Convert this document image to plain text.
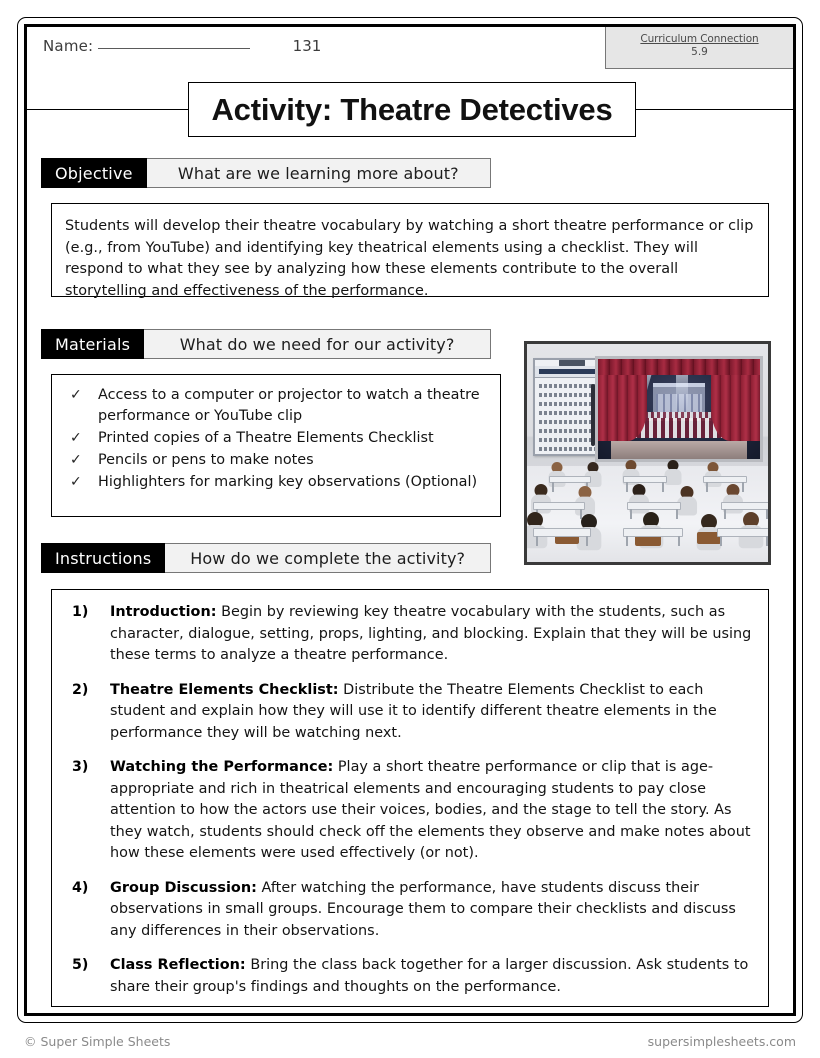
Name:	131	Curriculum Connection
5.9
Activity: Theatre Detectives
Objective	What are we learning more about?
Students will develop their theatre vocabulary by watching a short theatre performance or clip (e.g., from YouTube) and identifying key theatrical elements using a checklist. They will respond to what they see by analyzing how these elements contribute to the overall storytelling and effectiveness of the performance.
Materials	What do we need for our activity?
✓ Access to a computer or projector to watch a theatre performance or YouTube clip
✓ Printed copies of a Theatre Elements Checklist
✓ Pencils or pens to make notes
✓ Highlighters for marking key observations (Optional)
Instructions	How do we complete the activity?
1) Introduction: Begin by reviewing key theatre vocabulary with the students, such as character, dialogue, setting, props, lighting, and blocking. Explain that they will be using these terms to analyze a theatre performance.
2) Theatre Elements Checklist: Distribute the Theatre Elements Checklist to each student and explain how they will use it to identify different theatre elements in the performance they will be watching next.
3) Watching the Performance: Play a short theatre performance or clip that is age-appropriate and rich in theatrical elements and encouraging students to pay close attention to how the actors use their voices, bodies, and the stage to tell the story. As they watch, students should check off the elements they observe and make notes about how these elements were used effectively (or not).
4) Group Discussion: After watching the performance, have students discuss their observations in small groups. Encourage them to compare their checklists and discuss any differences in their observations.
5) Class Reflection: Bring the class back together for a larger discussion. Ask students to share their group's findings and thoughts on the performance.
© Super Simple Sheets	supersimplesheets.com
